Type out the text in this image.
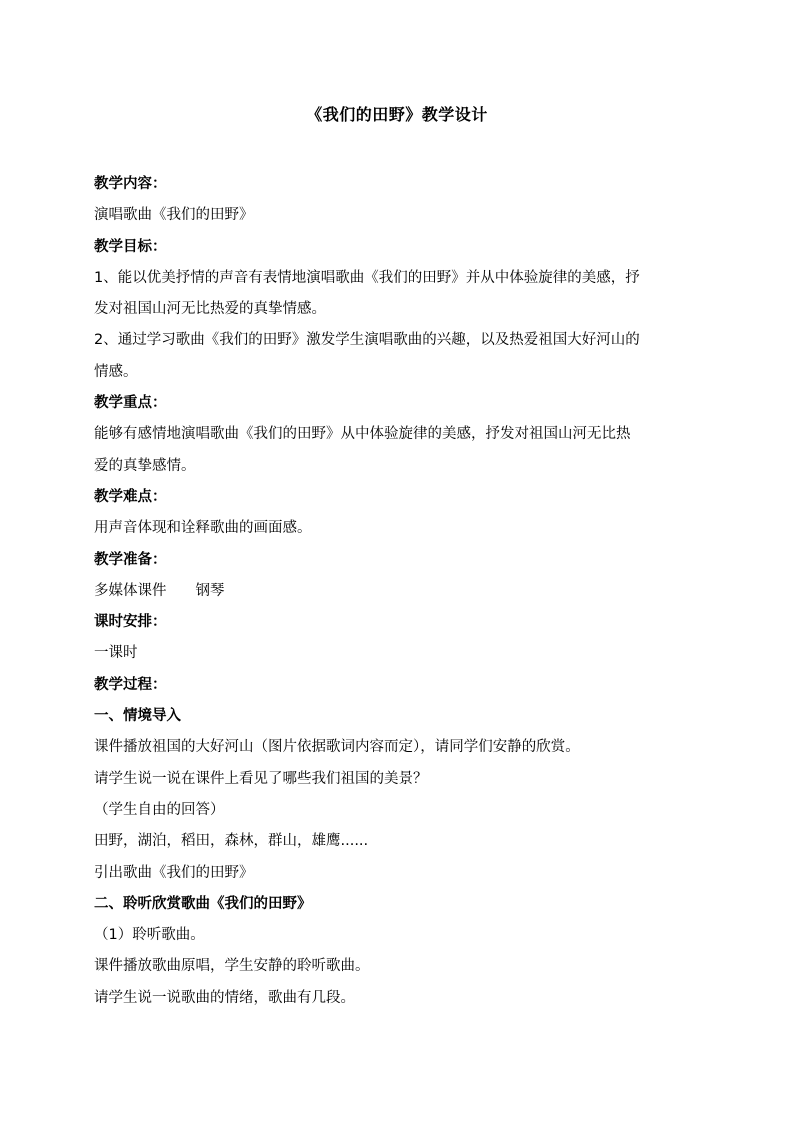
《我们的田野》教学设计
教学内容：
演唱歌曲《我们的田野》
教学目标：
1、能以优美抒情的声音有表情地演唱歌曲《我们的田野》并从中体验旋律的美感，抒
发对祖国山河无比热爱的真挚情感。
2、通过学习歌曲《我们的田野》激发学生演唱歌曲的兴趣，以及热爱祖国大好河山的
情感。
教学重点：
能够有感情地演唱歌曲《我们的田野》从中体验旋律的美感，抒发对祖国山河无比热
爱的真挚感情。
教学难点：
用声音体现和诠释歌曲的画面感。
教学准备：
多媒体课件　　钢琴
课时安排：
一课时
教学过程：
一、情境导入
课件播放祖国的大好河山（图片依据歌词内容而定），请同学们安静的欣赏。
请学生说一说在课件上看见了哪些我们祖国的美景？
（学生自由的回答）
田野，湖泊，稻田，森林，群山，雄鹰......
引出歌曲《我们的田野》
二、聆听欣赏歌曲《我们的田野》
（1）聆听歌曲。
课件播放歌曲原唱，学生安静的聆听歌曲。
请学生说一说歌曲的情绪，歌曲有几段。
